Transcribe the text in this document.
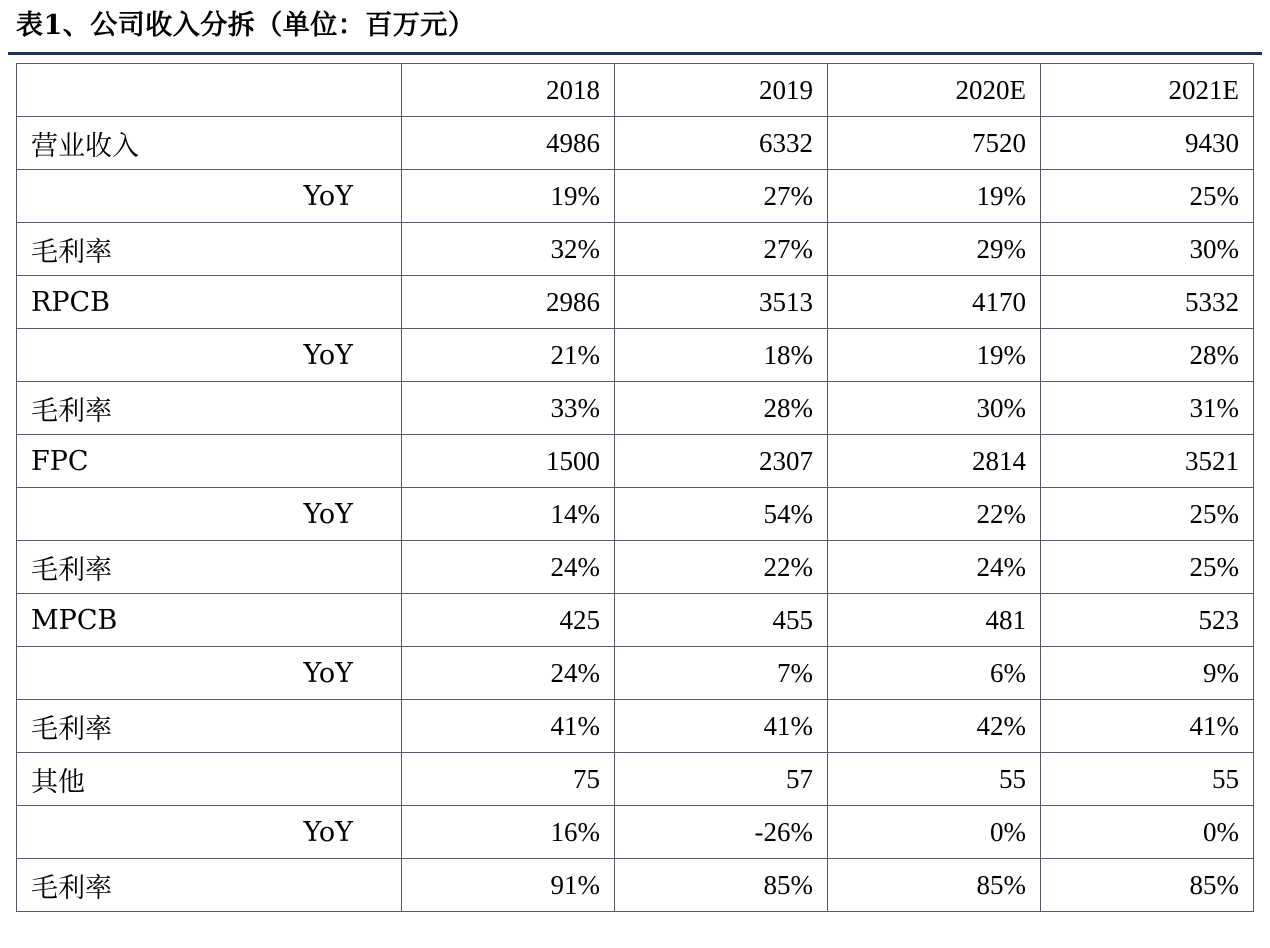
表1、公司收入分拆（单位：百万元）
	2018	2019	2020E	2021E
营业收入	4986	6332	7520	9430
YoY	19%	27%	19%	25%
毛利率	32%	27%	29%	30%
RPCB	2986	3513	4170	5332
YoY	21%	18%	19%	28%
毛利率	33%	28%	30%	31%
FPC	1500	2307	2814	3521
YoY	14%	54%	22%	25%
毛利率	24%	22%	24%	25%
MPCB	425	455	481	523
YoY	24%	7%	6%	9%
毛利率	41%	41%	42%	41%
其他	75	57	55	55
YoY	16%	-26%	0%	0%
毛利率	91%	85%	85%	85%
